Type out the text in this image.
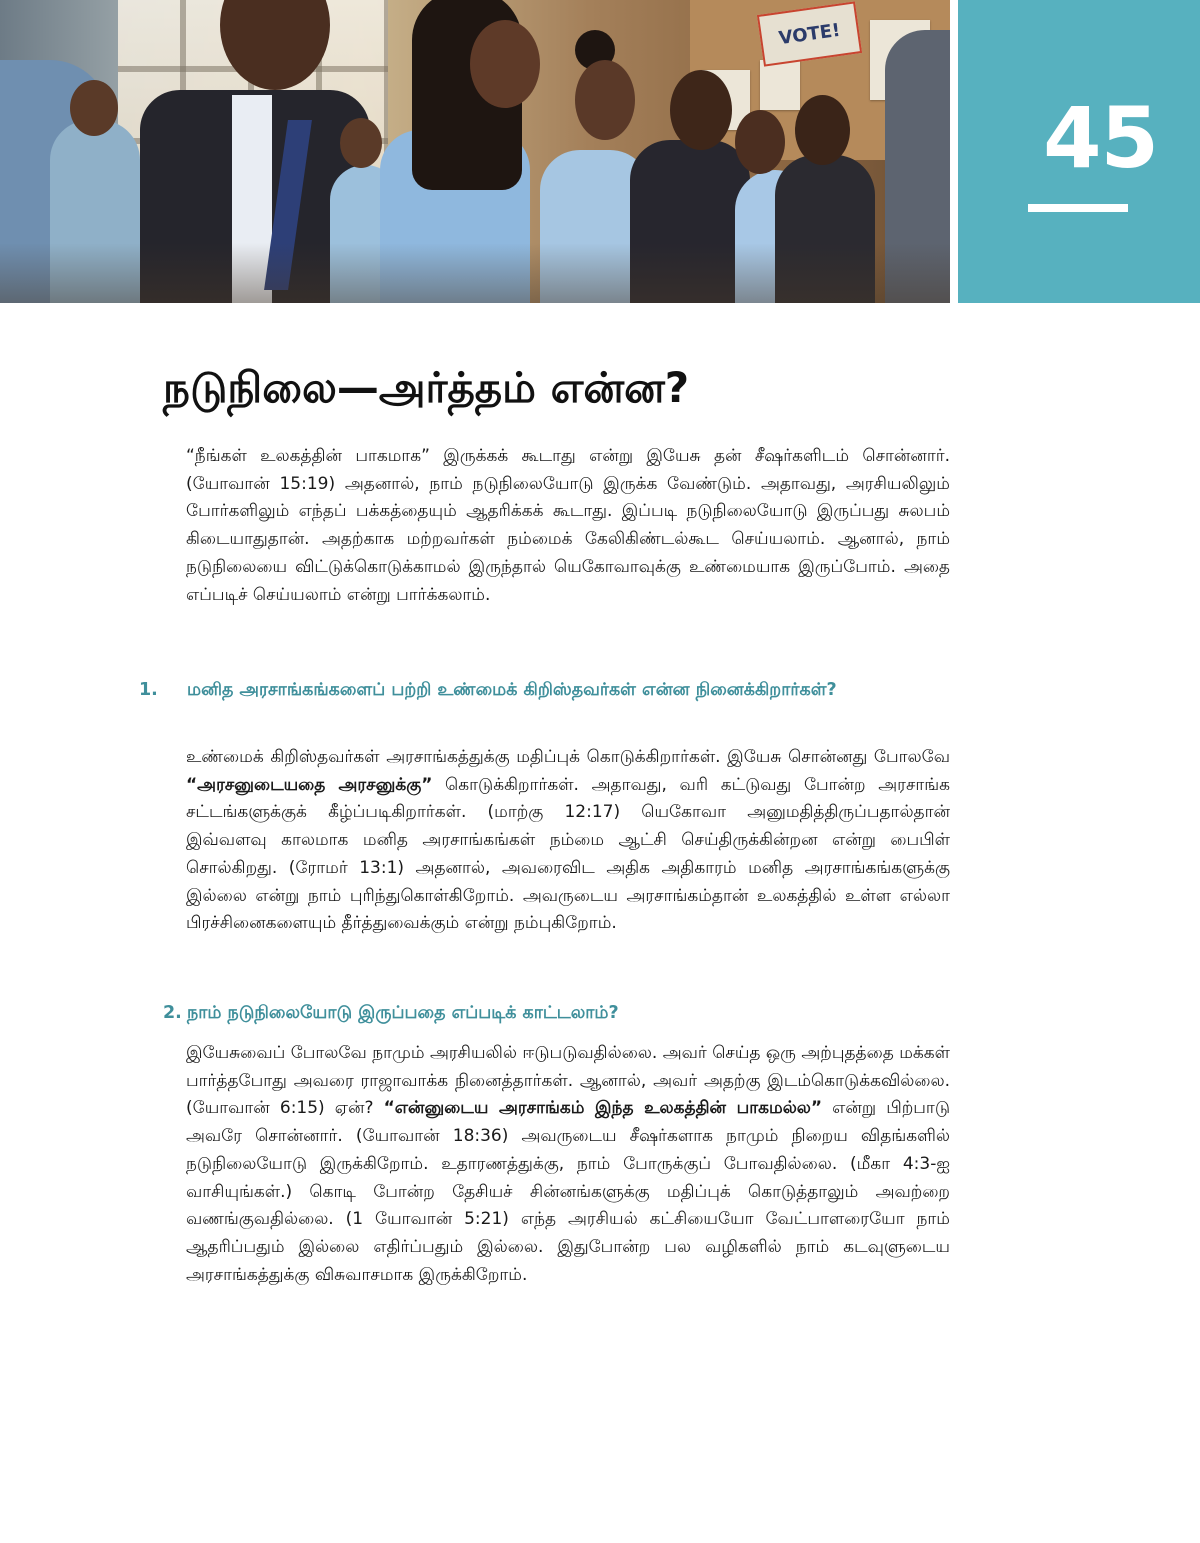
VOTE!
45
நடுநிலை—அர்த்தம் என்ன?

“நீங்கள் உலகத்தின் பாகமாக” இருக்கக் கூடாது என்று இயேசு தன் சீஷர்களிடம் சொன்னார். (யோவான் 15:19) அதனால், நாம் நடுநிலையோடு இருக்க வேண்டும். அதாவது, அரசியலிலும் போர்களிலும் எந்தப் பக்கத்தையும் ஆதரிக்கக் கூடாது. இப்படி நடுநிலையோடு இருப்பது சுலபம் கிடையாதுதான். அதற்காக மற்றவர்கள் நம்மைக் கேலிகிண்டல்கூட செய்யலாம். ஆனால், நாம் நடுநிலையை விட்டுக்கொடுக்காமல் இருந்தால் யெகோவாவுக்கு உண்மையாக இருப்போம். அதை எப்படிச் செய்யலாம் என்று பார்க்கலாம்.

1. மனித அரசாங்கங்களைப் பற்றி உண்மைக் கிறிஸ்தவர்கள் என்ன நினைக்கிறார்கள்?

உண்மைக் கிறிஸ்தவர்கள் அரசாங்கத்துக்கு மதிப்புக் கொடுக்கிறார்கள். இயேசு சொன்னது போலவே “அரசனுடையதை அரசனுக்கு” கொடுக்கிறார்கள். அதாவது, வரி கட்டுவது போன்ற அரசாங்க சட்டங்களுக்குக் கீழ்ப்படிகிறார்கள். (மாற்கு 12:17) யெகோவா அனுமதித்திருப்பதால்தான் இவ்வளவு காலமாக மனித அரசாங்கங்கள் நம்மை ஆட்சி செய்திருக்கின்றன என்று பைபிள் சொல்கிறது. (ரோமர் 13:1) அதனால், அவரைவிட அதிக அதிகாரம் மனித அரசாங்கங்களுக்கு இல்லை என்று நாம் புரிந்துகொள்கிறோம். அவருடைய அரசாங்கம்தான் உலகத்தில் உள்ள எல்லா பிரச்சினைகளையும் தீர்த்துவைக்கும் என்று நம்புகிறோம்.

2. நாம் நடுநிலையோடு இருப்பதை எப்படிக் காட்டலாம்?

இயேசுவைப் போலவே நாமும் அரசியலில் ஈடுபடுவதில்லை. அவர் செய்த ஒரு அற்புதத்தை மக்கள் பார்த்தபோது அவரை ராஜாவாக்க நினைத்தார்கள். ஆனால், அவர் அதற்கு இடம்கொடுக்கவில்லை. (யோவான் 6:15) ஏன்? “என்னுடைய அரசாங்கம் இந்த உலகத்தின் பாகமல்ல” என்று பிற்பாடு அவரே சொன்னார். (யோவான் 18:36) அவருடைய சீஷர்களாக நாமும் நிறைய விதங்களில் நடுநிலையோடு இருக்கிறோம். உதாரணத்துக்கு, நாம் போருக்குப் போவதில்லை. (மீகா 4:3-ஐ வாசியுங்கள்.) கொடி போன்ற தேசியச் சின்னங்களுக்கு மதிப்புக் கொடுத்தாலும் அவற்றை வணங்குவதில்லை. (1 யோவான் 5:21) எந்த அரசியல் கட்சியையோ வேட்பாளரையோ நாம் ஆதரிப்பதும் இல்லை எதிர்ப்பதும் இல்லை. இதுபோன்ற பல வழிகளில் நாம் கடவுளுடைய அரசாங்கத்துக்கு விசுவாசமாக இருக்கிறோம்.
